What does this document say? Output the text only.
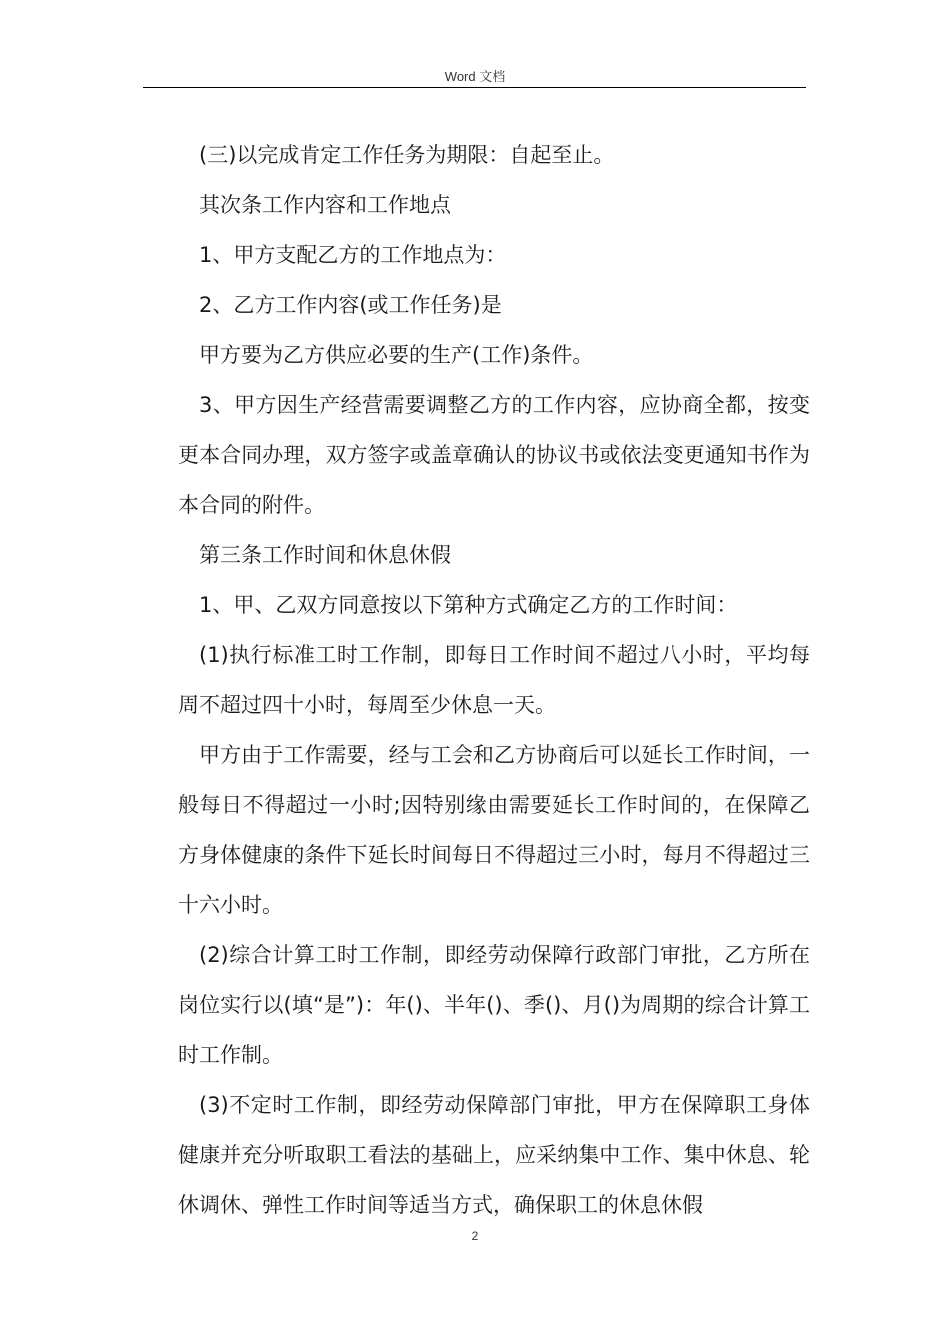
Word 文档

(三)以完成肯定工作任务为期限：自起至止。

其次条工作内容和工作地点

1、甲方支配乙方的工作地点为：

2、乙方工作内容(或工作任务)是

甲方要为乙方供应必要的生产(工作)条件。

3、甲方因生产经营需要调整乙方的工作内容，应协商全都，按变更本合同办理，双方签字或盖章确认的协议书或依法变更通知书作为本合同的附件。

第三条工作时间和休息休假

1、甲、乙双方同意按以下第种方式确定乙方的工作时间：

(1)执行标准工时工作制，即每日工作时间不超过八小时，平均每周不超过四十小时，每周至少休息一天。

甲方由于工作需要，经与工会和乙方协商后可以延长工作时间，一般每日不得超过一小时;因特别缘由需要延长工作时间的，在保障乙方身体健康的条件下延长时间每日不得超过三小时，每月不得超过三十六小时。

(2)综合计算工时工作制，即经劳动保障行政部门审批，乙方所在岗位实行以(填“是”)：年()、半年()、季()、月()为周期的综合计算工时工作制。

(3)不定时工作制，即经劳动保障部门审批，甲方在保障职工身体健康并充分听取职工看法的基础上，应采纳集中工作、集中休息、轮休调休、弹性工作时间等适当方式，确保职工的休息休假

2
